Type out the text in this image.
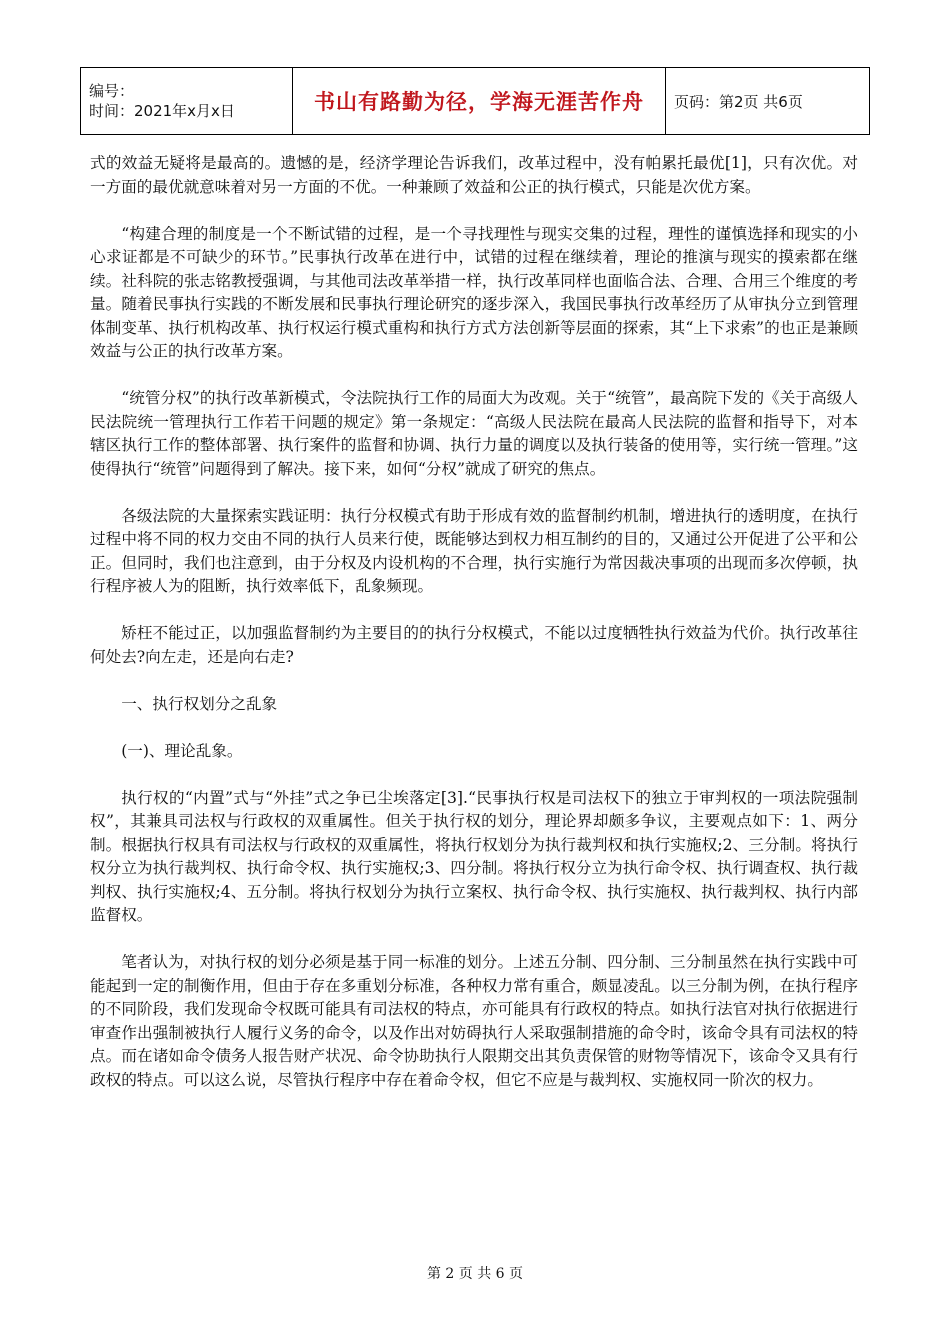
编号：
时间：2021年x月x日	书山有路勤为径，学海无涯苦作舟	页码：第2页 共6页

式的效益无疑将是最高的。遗憾的是，经济学理论告诉我们，改革过程中，没有帕累托最优[1]，只有次优。对一方面的最优就意味着对另一方面的不优。一种兼顾了效益和公正的执行模式，只能是次优方案。

“构建合理的制度是一个不断试错的过程，是一个寻找理性与现实交集的过程，理性的谨慎选择和现实的小心求证都是不可缺少的环节。”民事执行改革在进行中，试错的过程在继续着，理论的推演与现实的摸索都在继续。社科院的张志铭教授强调，与其他司法改革举措一样，执行改革同样也面临合法、合理、合用三个维度的考量。随着民事执行实践的不断发展和民事执行理论研究的逐步深入，我国民事执行改革经历了从审执分立到管理体制变革、执行机构改革、执行权运行模式重构和执行方式方法创新等层面的探索，其“上下求索”的也正是兼顾效益与公正的执行改革方案。

“统管分权”的执行改革新模式，令法院执行工作的局面大为改观。关于“统管”，最高院下发的《关于高级人民法院统一管理执行工作若干问题的规定》第一条规定：“高级人民法院在最高人民法院的监督和指导下，对本辖区执行工作的整体部署、执行案件的监督和协调、执行力量的调度以及执行装备的使用等，实行统一管理。”这使得执行“统管”问题得到了解决。接下来，如何“分权”就成了研究的焦点。

各级法院的大量探索实践证明：执行分权模式有助于形成有效的监督制约机制，增进执行的透明度，在执行过程中将不同的权力交由不同的执行人员来行使，既能够达到权力相互制约的目的，又通过公开促进了公平和公正。但同时，我们也注意到，由于分权及内设机构的不合理，执行实施行为常因裁决事项的出现而多次停顿，执行程序被人为的阻断，执行效率低下，乱象频现。

矫枉不能过正，以加强监督制约为主要目的的执行分权模式，不能以过度牺牲执行效益为代价。执行改革往何处去?向左走，还是向右走?

一、执行权划分之乱象

(一)、理论乱象。

执行权的“内置”式与“外挂”式之争已尘埃落定[3].“民事执行权是司法权下的独立于审判权的一项法院强制权”，其兼具司法权与行政权的双重属性。但关于执行权的划分，理论界却颇多争议，主要观点如下：1、两分制。根据执行权具有司法权与行政权的双重属性，将执行权划分为执行裁判权和执行实施权;2、三分制。将执行权分立为执行裁判权、执行命令权、执行实施权;3、四分制。将执行权分立为执行命令权、执行调查权、执行裁判权、执行实施权;4、五分制。将执行权划分为执行立案权、执行命令权、执行实施权、执行裁判权、执行内部监督权。

笔者认为，对执行权的划分必须是基于同一标准的划分。上述五分制、四分制、三分制虽然在执行实践中可能起到一定的制衡作用，但由于存在多重划分标准，各种权力常有重合，颇显凌乱。以三分制为例，在执行程序的不同阶段，我们发现命令权既可能具有司法权的特点，亦可能具有行政权的特点。如执行法官对执行依据进行审查作出强制被执行人履行义务的命令，以及作出对妨碍执行人采取强制措施的命令时，该命令具有司法权的特点。而在诸如命令债务人报告财产状况、命令协助执行人限期交出其负责保管的财物等情况下，该命令又具有行政权的特点。可以这么说，尽管执行程序中存在着命令权，但它不应是与裁判权、实施权同一阶次的权力。

第 2 页 共 6 页
